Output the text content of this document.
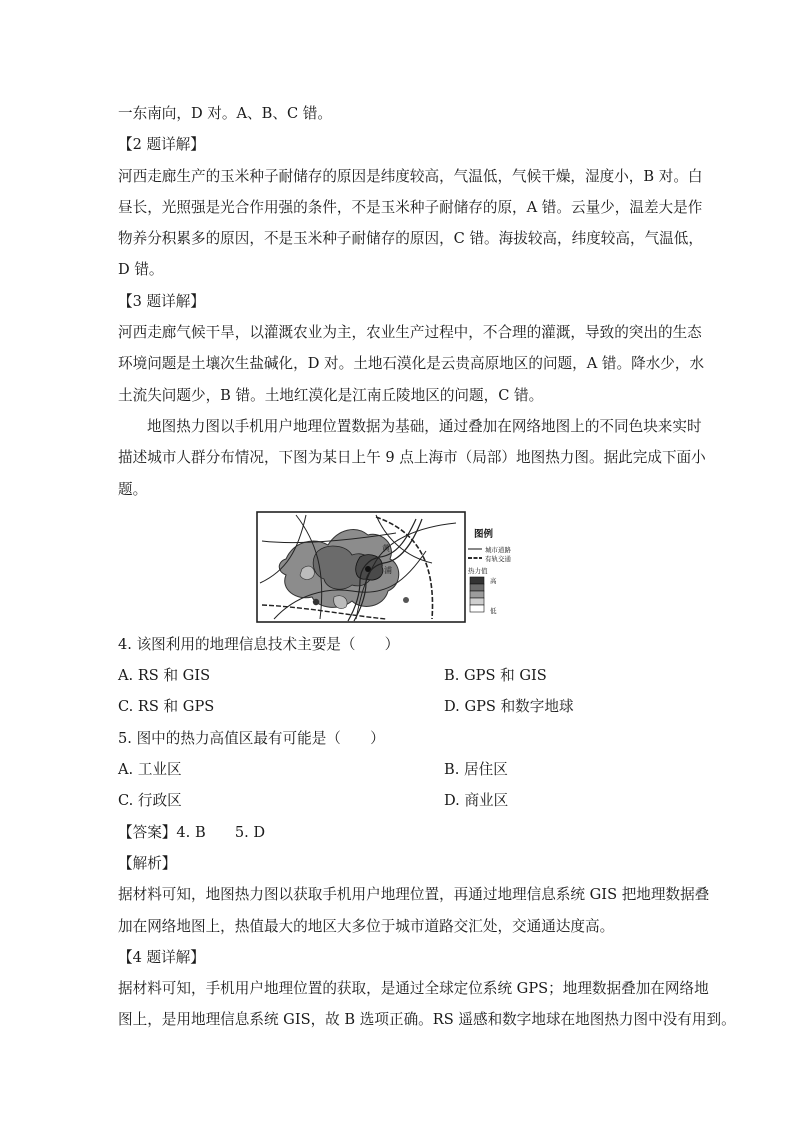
一东南向，D 对。A、B、C 错。
【2 题详解】
河西走廊生产的玉米种子耐储存的原因是纬度较高，气温低，气候干燥，湿度小，B 对。白
昼长，光照强是光合作用强的条件，不是玉米种子耐储存的原，A 错。云量少，温差大是作
物养分积累多的原因，不是玉米种子耐储存的原因，C 错。海拔较高，纬度较高，气温低，
D 错。
【3 题详解】
河西走廊气候干旱，以灌溉农业为主，农业生产过程中，不合理的灌溉，导致的突出的生态
环境问题是土壤次生盐碱化，D 对。土地石漠化是云贵高原地区的问题，A 错。降水少，水
土流失问题少，B 错。土地红漠化是江南丘陵地区的问题，C 错。
地图热力图以手机用户地理位置数据为基础，通过叠加在网络地图上的不同色块来实时
描述城市人群分布情况，下图为某日上午 9 点上海市（局部）地图热力图。据此完成下面小
题。
黄
浦
图例
城市道路
有轨交通
热力值
高
低
4. 该图利用的地理信息技术主要是（　　）
A. RS 和 GIS	B. GPS 和 GIS
C. RS 和 GPS	D. GPS 和数字地球
5. 图中的热力高值区最有可能是（　　）
A. 工业区	B. 居住区
C. 行政区	D. 商业区
【答案】4. B　　5. D
【解析】
据材料可知，地图热力图以获取手机用户地理位置，再通过地理信息系统 GIS 把地理数据叠
加在网络地图上，热值最大的地区大多位于城市道路交汇处，交通通达度高。
【4 题详解】
据材料可知，手机用户地理位置的获取，是通过全球定位系统 GPS；地理数据叠加在网络地
图上，是用地理信息系统 GIS，故 B 选项正确。RS 遥感和数字地球在地图热力图中没有用到。
